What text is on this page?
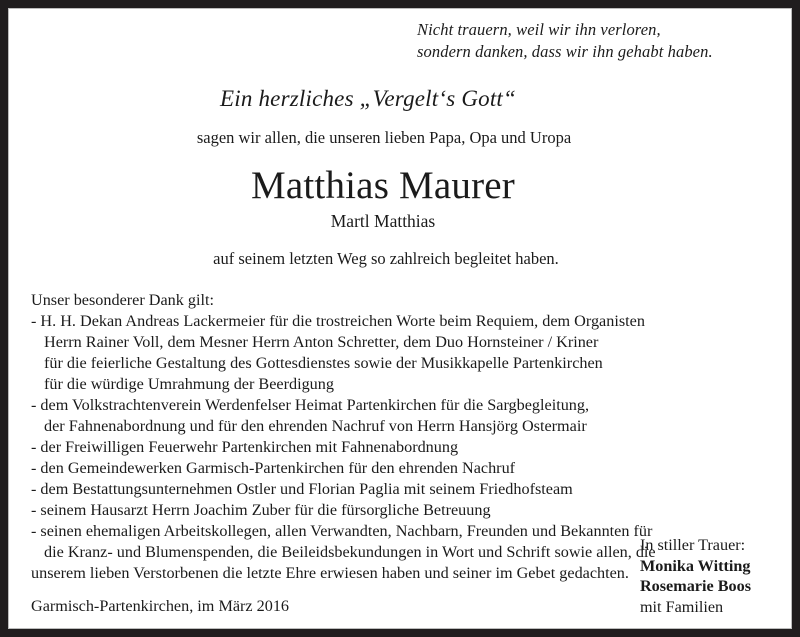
Nicht trauern, weil wir ihn verloren,
sondern danken, dass wir ihn gehabt haben.
Ein herzliches „Vergelt‘s Gott“
sagen wir allen, die unseren lieben Papa, Opa und Uropa
Matthias Maurer
Martl Matthias
auf seinem letzten Weg so zahlreich begleitet haben.

Unser besonderer Dank gilt:

- H. H. Dekan Andreas Lackermeier für die trostreichen Worte beim Requiem, dem Organisten
Herrn Rainer Voll, dem Mesner Herrn Anton Schretter, dem Duo Hornsteiner / Kriner
für die feierliche Gestaltung des Gottesdienstes sowie der Musikkapelle Partenkirchen
für die würdige Umrahmung der Beerdigung

- dem Volkstrachtenverein Werdenfelser Heimat Partenkirchen für die Sargbegleitung,
der Fahnenabordnung und für den ehrenden Nachruf von Herrn Hansjörg Ostermair

- der Freiwilligen Feuerwehr Partenkirchen mit Fahnenabordnung

- den Gemeindewerken Garmisch-Partenkirchen für den ehrenden Nachruf

- dem Bestattungsunternehmen Ostler und Florian Paglia mit seinem Friedhofsteam

- seinem Hausarzt Herrn Joachim Zuber für die fürsorgliche Betreuung

- seinen ehemaligen Arbeitskollegen, allen Verwandten, Nachbarn, Freunden und Bekannten für
die Kranz- und Blumenspenden, die Beileidsbekundungen in Wort und Schrift sowie allen, die

unserem lieben Verstorbenen die letzte Ehre erwiesen haben und seiner im Gebet gedachten.

Garmisch-Partenkirchen, im März 2016
In stiller Trauer:
Monika Witting
Rosemarie Boos
mit Familien
